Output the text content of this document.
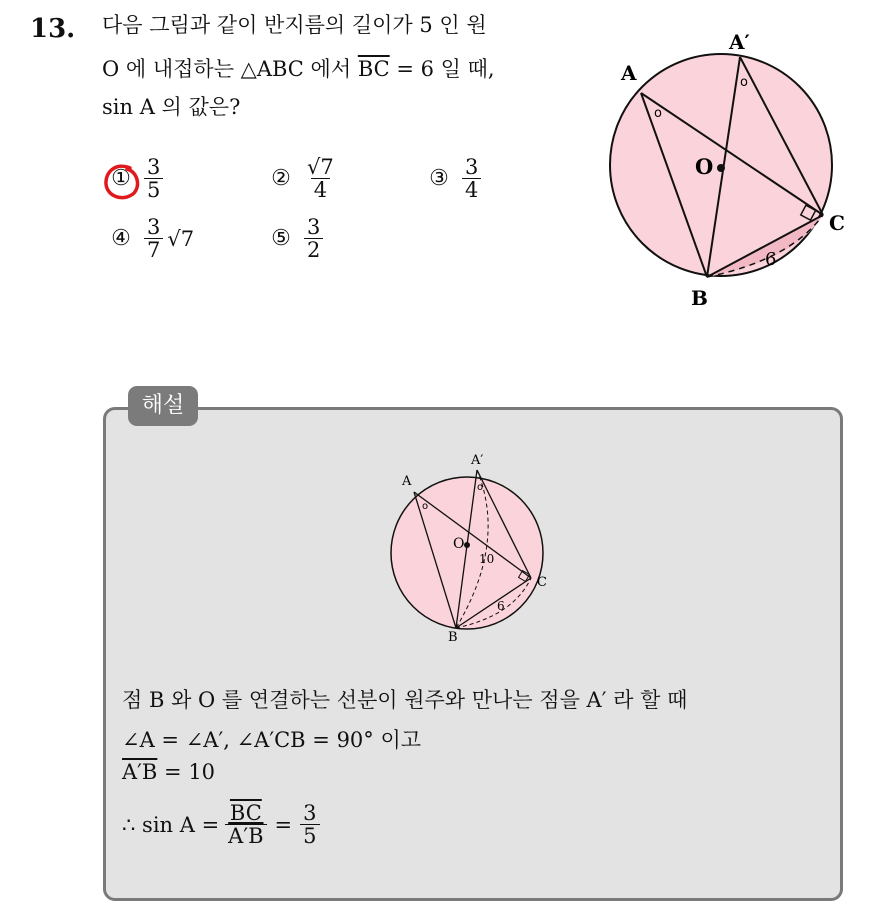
13. 다음 그림과 같이 반지름의 길이가 5 인 원
O 에 내접하는 △ABC 에서 $\overline{BC} = 6$ 일 때,
sin A 의 값은?
① $\frac{3}{5}$	② $\frac{√7}{4}$	③ $\frac{3}{4}$
④ $\frac{3}{7} √7$	⑤ $\frac{3}{2}$
O
A
A′
B
C
6
o
o
해설
O
A
A′
B
C
10
6
o
o
점 B 와 O 를 연결하는 선분이 원주와 만나는 점을 A′ 라 할 때
∠A = ∠A′, ∠A′CB = 90° 이고
A′B = 10
∴ $\sin A = \frac{\overline{BC}}{A'B} = \frac{3}{5}$
